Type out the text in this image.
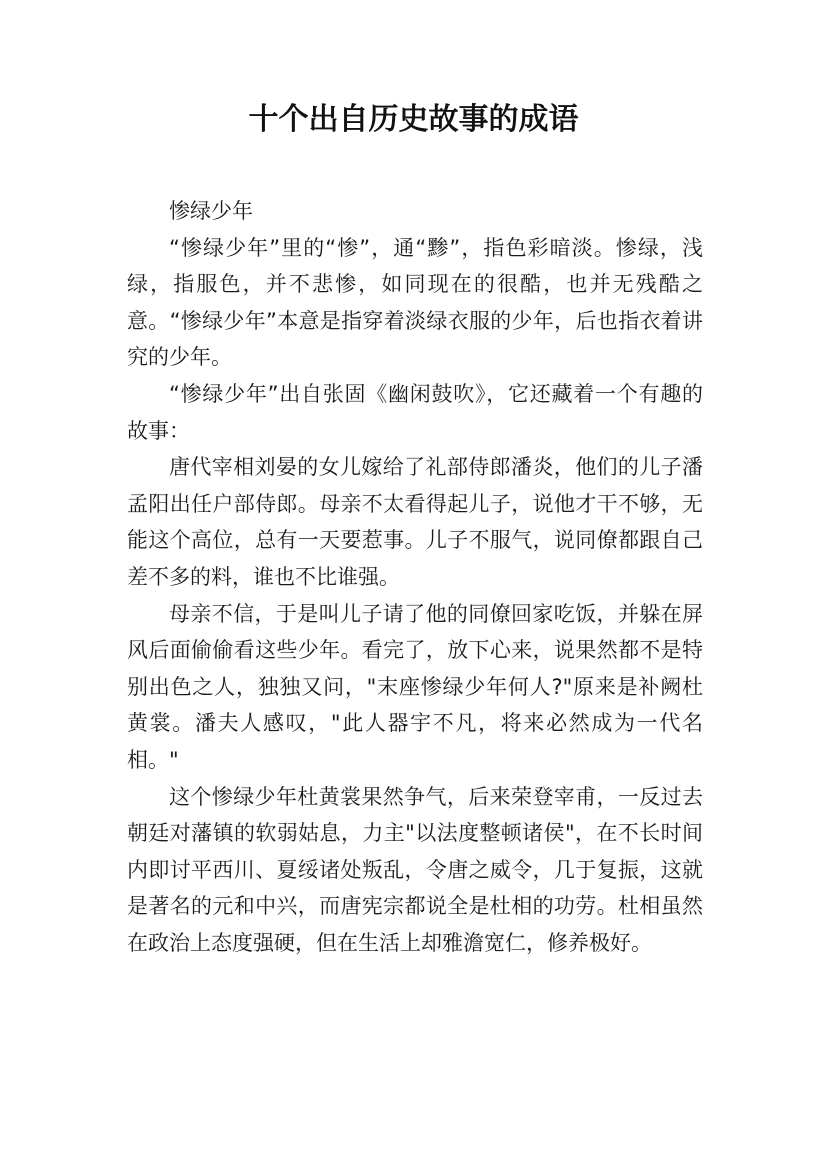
十个出自历史故事的成语

惨绿少年

“惨绿少年”里的“惨”，通“黪”，指色彩暗淡。惨绿，浅绿，指服色，并不悲惨，如同现在的很酷，也并无残酷之意。“惨绿少年”本意是指穿着淡绿衣服的少年，后也指衣着讲究的少年。

“惨绿少年”出自张固《幽闲鼓吹》，它还藏着一个有趣的故事：

唐代宰相刘晏的女儿嫁给了礼部侍郎潘炎，他们的儿子潘孟阳出任户部侍郎。母亲不太看得起儿子，说他才干不够，无能这个高位，总有一天要惹事。儿子不服气，说同僚都跟自己差不多的料，谁也不比谁强。

母亲不信，于是叫儿子请了他的同僚回家吃饭，并躲在屏风后面偷偷看这些少年。看完了，放下心来，说果然都不是特别出色之人，独独又问，"末座惨绿少年何人?"原来是补阙杜黄裳。潘夫人感叹，"此人器宇不凡，将来必然成为一代名相。"

这个惨绿少年杜黄裳果然争气，后来荣登宰甫，一反过去朝廷对藩镇的软弱姑息，力主"以法度整顿诸侯"，在不长时间内即讨平西川、夏绥诸处叛乱，令唐之威令，几于复振，这就是著名的元和中兴，而唐宪宗都说全是杜相的功劳。杜相虽然在政治上态度强硬，但在生活上却雅澹宽仁，修养极好。
